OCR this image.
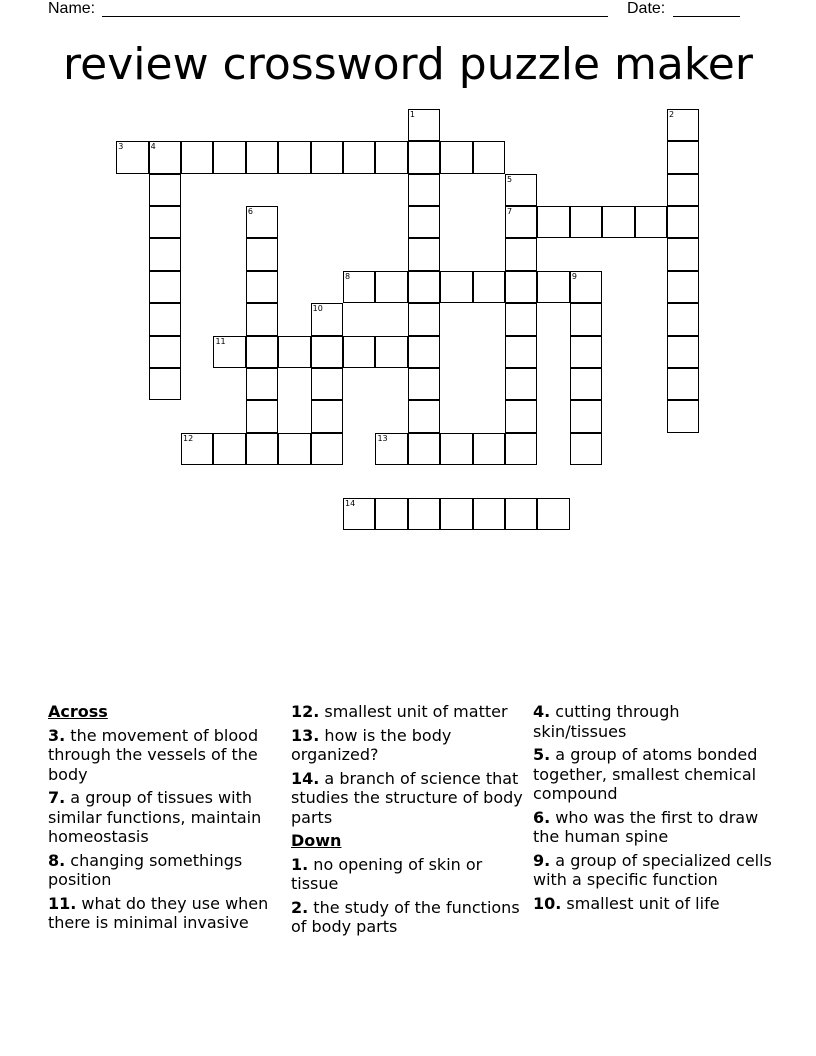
Name:	Date:
review crossword puzzle maker
1	2
3	4
5
7
6
8	9
10
11
12	13
14
Across
3. the movement of blood through the vessels of the body
7. a group of tissues with similar functions, maintain homeostasis
8. changing somethings position
11. what do they use when there is minimal invasive
12. smallest unit of matter
13. how is the body organized?
14. a branch of science that studies the structure of body parts
Down
1. no opening of skin or tissue
2. the study of the functions of body parts
4. cutting through skin/tissues
5. a group of atoms bonded together, smallest chemical compound
6. who was the first to draw the human spine
9. a group of specialized cells with a specific function
10. smallest unit of life
